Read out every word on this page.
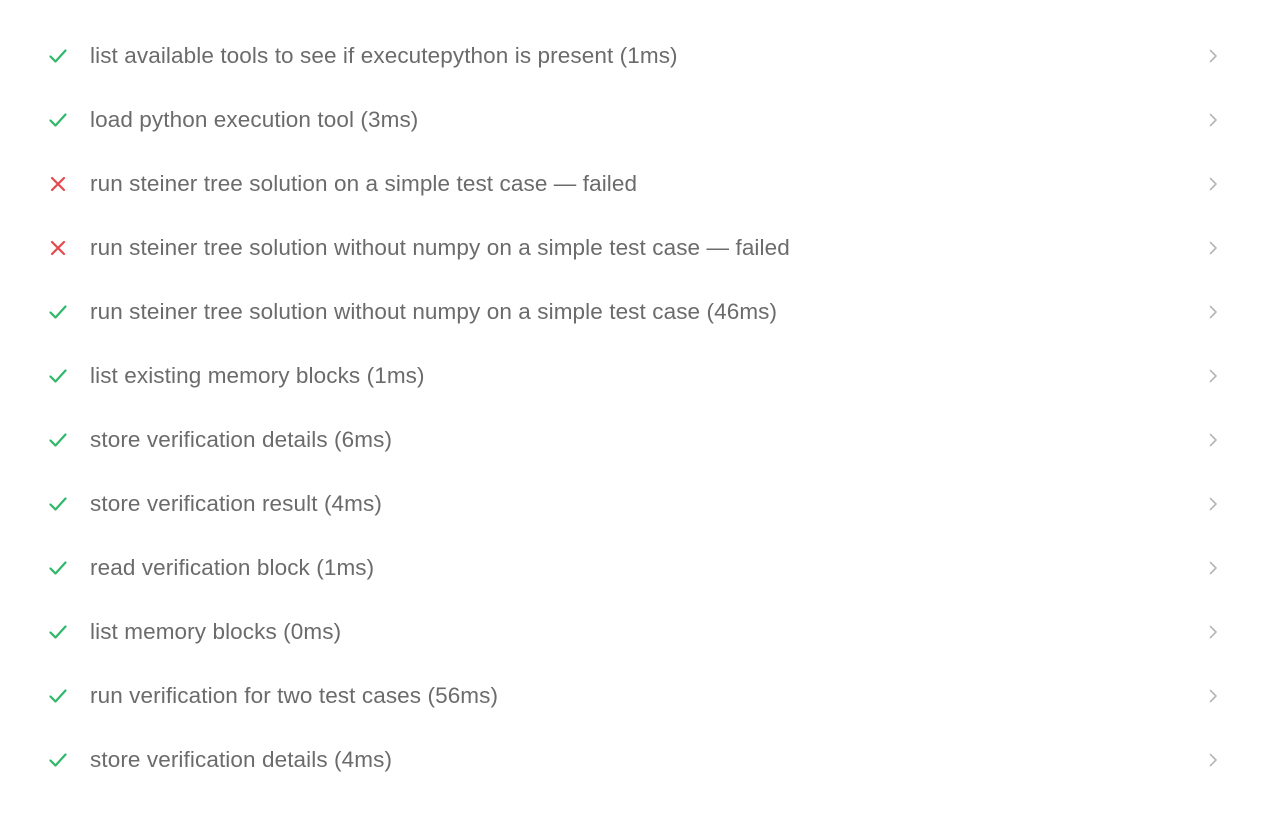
list available tools to see if executepython is present (1ms)
load python execution tool (3ms)
run steiner tree solution on a simple test case — failed
run steiner tree solution without numpy on a simple test case — failed
run steiner tree solution without numpy on a simple test case (46ms)
list existing memory blocks (1ms)
store verification details (6ms)
store verification result (4ms)
read verification block (1ms)
list memory blocks (0ms)
run verification for two test cases (56ms)
store verification details (4ms)
